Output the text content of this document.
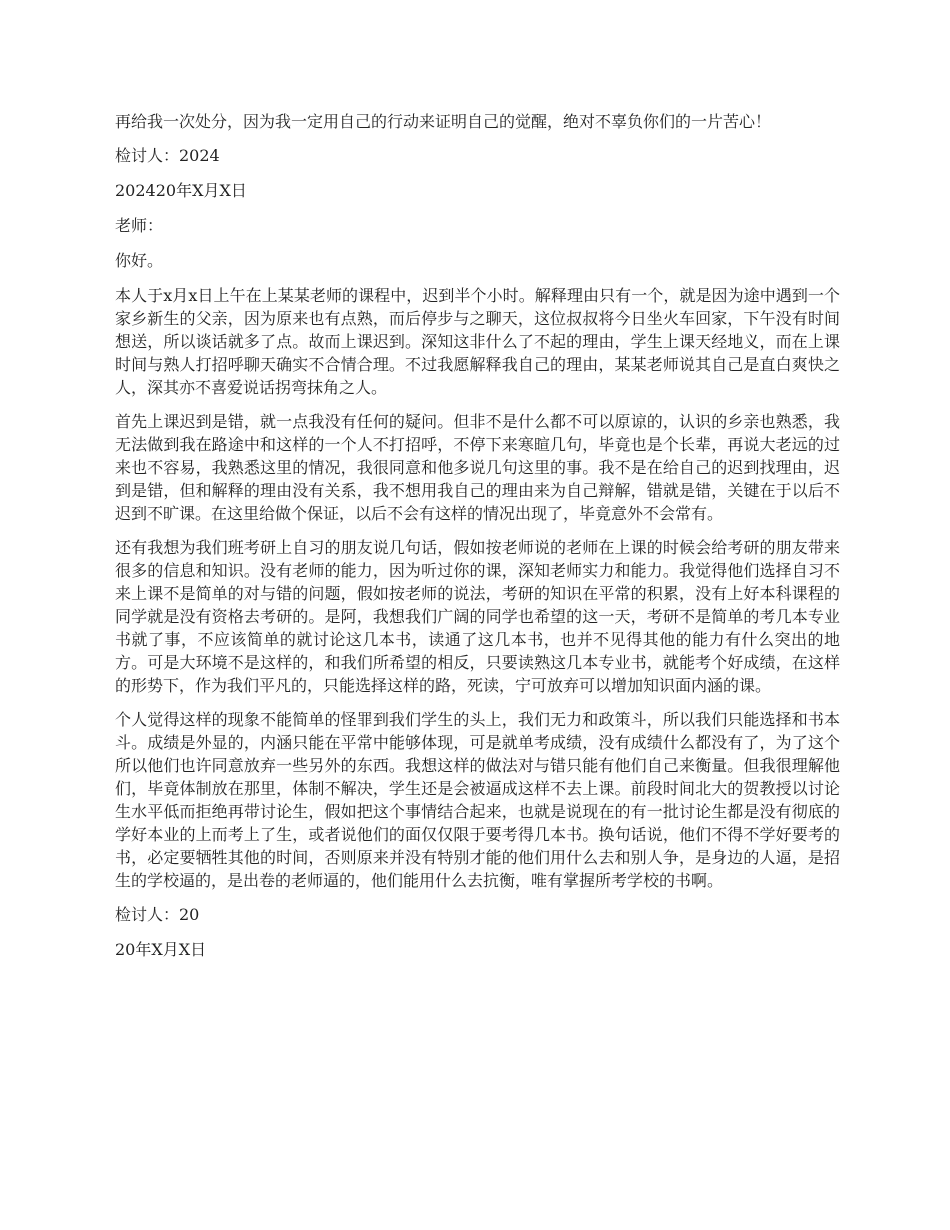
再给我一次处分，因为我一定用自己的行动来证明自己的觉醒，绝对不辜负你们的一片苦心！

检讨人：2024

202420年X月X日

老师：

你好。

本人于x月x日上午在上某某老师的课程中，迟到半个小时。解释理由只有一个，就是因为途中遇到一个家乡新生的父亲，因为原来也有点熟，而后停步与之聊天，这位叔叔将今日坐火车回家，下午没有时间想送，所以谈话就多了点。故而上课迟到。深知这非什么了不起的理由，学生上课天经地义，而在上课时间与熟人打招呼聊天确实不合情合理。不过我愿解释我自己的理由，某某老师说其自己是直白爽快之人，深其亦不喜爱说话拐弯抹角之人。

首先上课迟到是错，就一点我没有任何的疑问。但非不是什么都不可以原谅的，认识的乡亲也熟悉，我无法做到我在路途中和这样的一个人不打招呼，不停下来寒暄几句，毕竟也是个长辈，再说大老远的过来也不容易，我熟悉这里的情况，我很同意和他多说几句这里的事。我不是在给自己的迟到找理由，迟到是错，但和解释的理由没有关系，我不想用我自己的理由来为自己辩解，错就是错，关键在于以后不迟到不旷课。在这里给做个保证，以后不会有这样的情况出现了，毕竟意外不会常有。

还有我想为我们班考研上自习的朋友说几句话，假如按老师说的老师在上课的时候会给考研的朋友带来很多的信息和知识。没有老师的能力，因为听过你的课，深知老师实力和能力。我觉得他们选择自习不来上课不是简单的对与错的问题，假如按老师的说法，考研的知识在平常的积累，没有上好本科课程的同学就是没有资格去考研的。是阿，我想我们广阔的同学也希望的这一天，考研不是简单的考几本专业书就了事，不应该简单的就讨论这几本书，读通了这几本书，也并不见得其他的能力有什么突出的地方。可是大环境不是这样的，和我们所希望的相反，只要读熟这几本专业书，就能考个好成绩，在这样的形势下，作为我们平凡的，只能选择这样的路，死读，宁可放弃可以增加知识面内涵的课。

个人觉得这样的现象不能简单的怪罪到我们学生的头上，我们无力和政策斗，所以我们只能选择和书本斗。成绩是外显的，内涵只能在平常中能够体现，可是就单考成绩，没有成绩什么都没有了，为了这个所以他们也许同意放弃一些另外的东西。我想这样的做法对与错只能有他们自己来衡量。但我很理解他们，毕竟体制放在那里，体制不解决，学生还是会被逼成这样不去上课。前段时间北大的贺教授以讨论生水平低而拒绝再带讨论生，假如把这个事情结合起来，也就是说现在的有一批讨论生都是没有彻底的学好本业的上而考上了生，或者说他们的面仅仅限于要考得几本书。换句话说，他们不得不学好要考的书，必定要牺牲其他的时间，否则原来并没有特别才能的他们用什么去和别人争，是身边的人逼，是招生的学校逼的，是出卷的老师逼的，他们能用什么去抗衡，唯有掌握所考学校的书啊。

检讨人：20

20年X月X日
